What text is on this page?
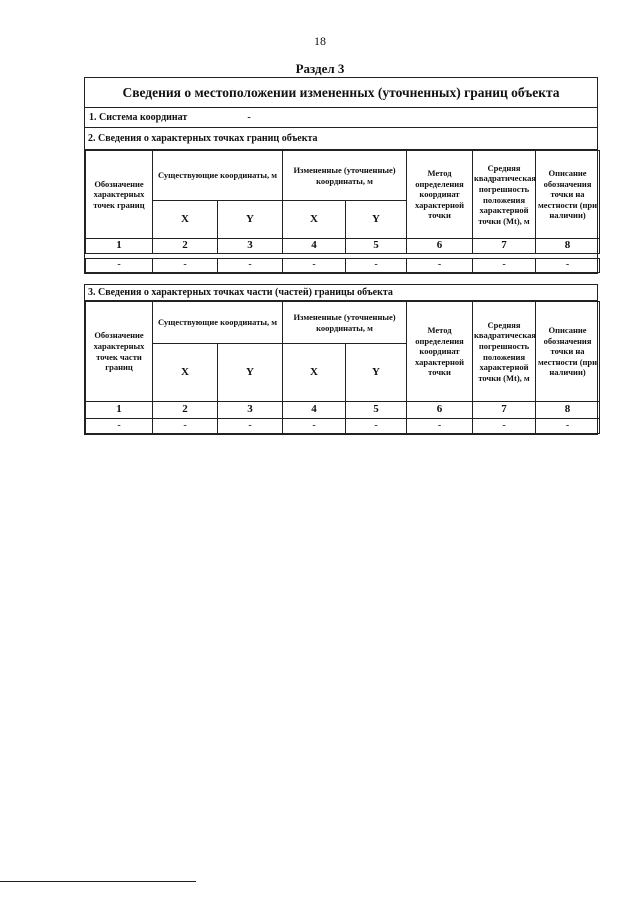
18
Раздел 3
Сведения о местоположении измененных (уточненных) границ объекта
1. Система координат	-
2. Сведения о характерных точках границ объекта
Обозначение характерных точек границ	Существующие координаты, м		Измененные (уточненные) координаты, м		Метод определения координат характерной точки	Средняя квадратическая погрешность положения характерной точки (Mt), м	Описание обозначения точки на местности (при наличии)
	X	Y	X	Y			
1	2	3	4	5	6	7	8

-	-	-	-	-	-	-	-
3. Сведения о характерных точках части (частей) границы объекта
Обозначение характерных точек части границ	Существующие координаты, м		Измененные (уточненные) координаты, м		Метод определения координат характерной точки	Средняя квадратическая погрешность положения характерной точки (Mt), м	Описание обозначения точки на местности (при наличии)
	X	Y	X	Y			
1	2	3	4	5	6	7	8
-	-	-	-	-	-	-	-
